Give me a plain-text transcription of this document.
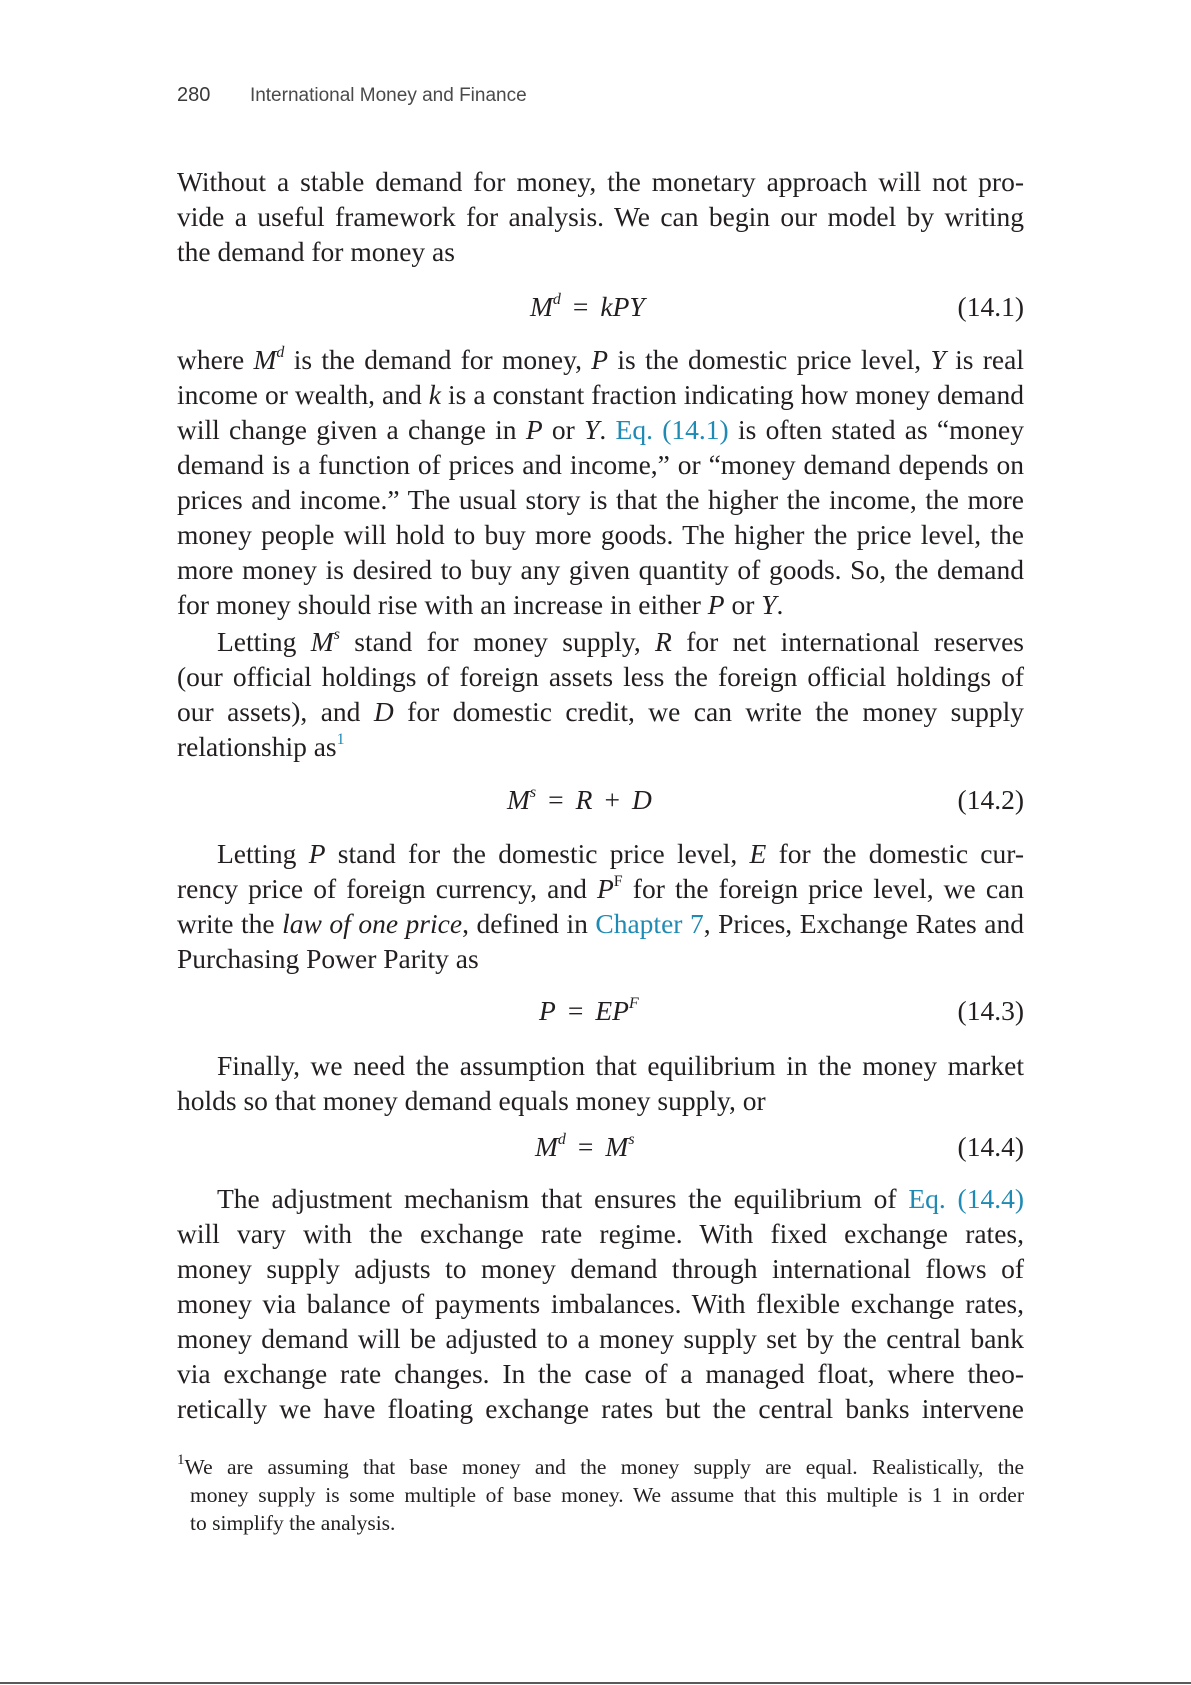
280 International Money and Finance

Without a stable demand for money, the monetary approach will not pro-

vide a useful framework for analysis. We can begin our model by writing

the demand for money as

$M^d$ = kPY	(14.1)

where $M^d$ is the demand for money, P is the domestic price level, Y is real

income or wealth, and k is a constant fraction indicating how money demand

will change given a change in P or Y. Eq. (14.1) is often stated as “money

demand is a function of prices and income,” or “money demand depends on

prices and income.” The usual story is that the higher the income, the more

money people will hold to buy more goods. The higher the price level, the

more money is desired to buy any given quantity of goods. So, the demand

for money should rise with an increase in either P or Y.

Letting $M^s$ stand for money supply, R for net international reserves

(our official holdings of foreign assets less the foreign official holdings of

our assets), and D for domestic credit, we can write the money supply

relationship $as^1$

$M^s = R + D$	(14.2)

Letting P stand for the domestic price level, E for the domestic cur-

rency price of foreign currency, and $P^F$ for the foreign price level, we can

write the law of one price, defined in Chapter 7, Prices, Exchange Rates and

Purchasing Power Parity as

$P = EP^F$	(14.3)

Finally, we need the assumption that equilibrium in the money market

holds so that money demand equals money supply, or

$M^d = M^s$	(14.4)

The adjustment mechanism that ensures the equilibrium of Eq. (14.4)

will vary with the exchange rate regime. With fixed exchange rates,

money supply adjusts to money demand through international flows of

money via balance of payments imbalances. With flexible exchange rates,

money demand will be adjusted to a money supply set by the central bank

via exchange rate changes. In the case of a managed float, where theo-

retically we have floating exchange rates but the central banks intervene

$^1$We are assuming that base money and the money supply are equal. Realistically, the

money supply is some multiple of base money. We assume that this multiple is 1 in order

to simplify the analysis.
